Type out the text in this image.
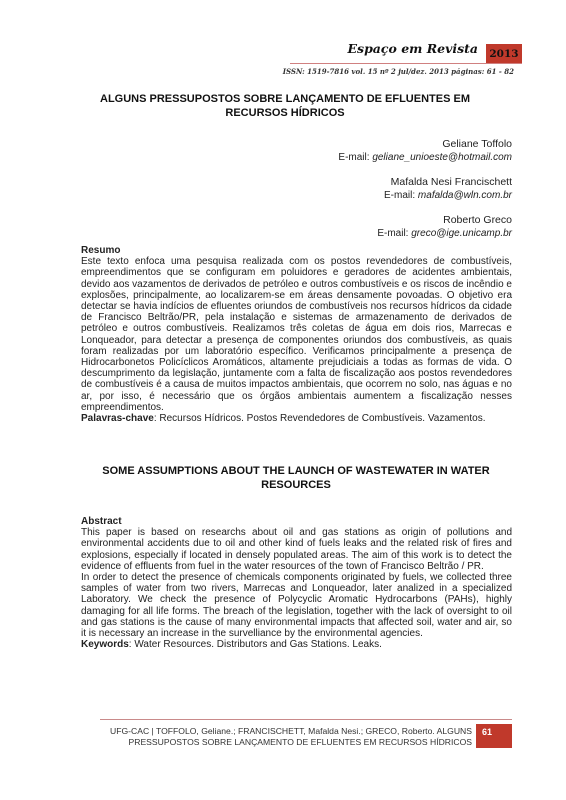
Espaço em Revista	2013
ISSN: 1519-7816 vol. 15 nº 2 jul/dez. 2013 páginas: 61 - 82
ALGUNS PRESSUPOSTOS SOBRE LANÇAMENTO DE EFLUENTES EM RECURSOS HÍDRICOS
Geliane Toffolo
E-mail: geliane_unioeste@hotmail.com
Mafalda Nesi Francischett
E-mail: mafalda@wln.com.br
Roberto Greco
E-mail: greco@ige.unicamp.br
Resumo

Este texto enfoca uma pesquisa realizada com os postos revendedores de combustíveis, empreendimentos que se configuram em poluidores e geradores de acidentes ambientais, devido aos vazamentos de derivados de petróleo e outros combustíveis e os riscos de incêndio e explosões, principalmente, ao localizarem-se em áreas densamente povoadas. O objetivo era detectar se havia indícios de efluentes oriundos de combustíveis nos recursos hídricos da cidade de Francisco Beltrão/PR, pela instalação e sistemas de armazenamento de derivados de petróleo e outros combustíveis. Realizamos três coletas de água em dois rios, Marrecas e Lonqueador, para detectar a presença de componentes oriundos dos combustíveis, as quais foram realizadas por um laboratório específico. Verificamos principalmente a presença de Hidrocarbonetos Policíclicos Aromáticos, altamente prejudiciais a todas as formas de vida. O descumprimento da legislação, juntamente com a falta de fiscalização aos postos revendedores de combustíveis é a causa de muitos impactos ambientais, que ocorrem no solo, nas águas e no ar, por isso, é necessário que os órgãos ambientais aumentem a fiscalização nesses empreendimentos.

Palavras-chave: Recursos Hídricos. Postos Revendedores de Combustíveis. Vazamentos.

SOME ASSUMPTIONS ABOUT THE LAUNCH OF WASTEWATER IN WATER RESOURCES
Abstract

This paper is based on researchs about oil and gas stations as origin of pollutions and environmental accidents due to oil and other kind of fuels leaks and the related risk of fires and explosions, especially if located in densely populated areas. The aim of this work is to detect the evidence of effluents from fuel in the water resources of the town of Francisco Beltrão / PR.

In order to detect the presence of chemicals components originated by fuels, we collected three samples of water from two rivers, Marrecas and Lonqueador, later analized in a specialized Laboratory. We check the presence of Polycyclic Aromatic Hydrocarbons (PAHs), highly damaging for all life forms. The breach of the legislation, together with the lack of oversight to oil and gas stations is the cause of many environmental impacts that affected soil, water and air, so it is necessary an increase in the survelliance by the environmental agencies.

Keywords: Water Resources. Distributors and Gas Stations. Leaks.

UFG-CAC | TOFFOLO, Geliane.; FRANCISCHETT, Mafalda Nesi.; GRECO, Roberto. ALGUNS PRESSUPOSTOS SOBRE LANÇAMENTO DE EFLUENTES EM RECURSOS HÍDRICOS
61
